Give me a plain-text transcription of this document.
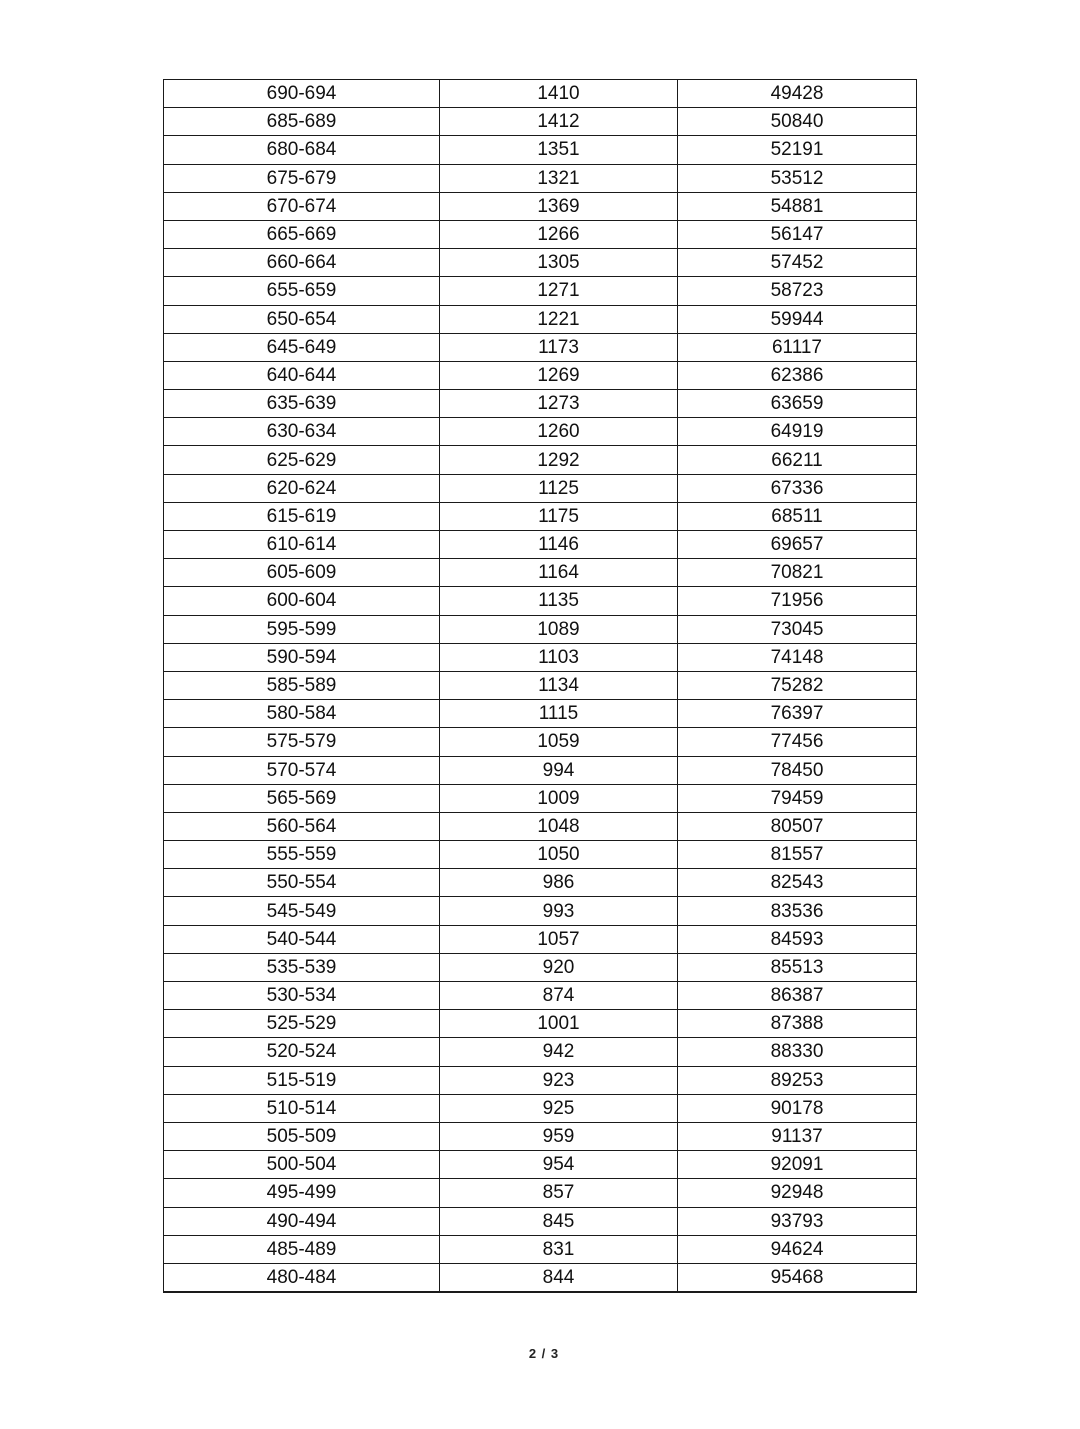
690-694	1410	49428
685-689	1412	50840
680-684	1351	52191
675-679	1321	53512
670-674	1369	54881
665-669	1266	56147
660-664	1305	57452
655-659	1271	58723
650-654	1221	59944
645-649	1173	61117
640-644	1269	62386
635-639	1273	63659
630-634	1260	64919
625-629	1292	66211
620-624	1125	67336
615-619	1175	68511
610-614	1146	69657
605-609	1164	70821
600-604	1135	71956
595-599	1089	73045
590-594	1103	74148
585-589	1134	75282
580-584	1115	76397
575-579	1059	77456
570-574	994	78450
565-569	1009	79459
560-564	1048	80507
555-559	1050	81557
550-554	986	82543
545-549	993	83536
540-544	1057	84593
535-539	920	85513
530-534	874	86387
525-529	1001	87388
520-524	942	88330
515-519	923	89253
510-514	925	90178
505-509	959	91137
500-504	954	92091
495-499	857	92948
490-494	845	93793
485-489	831	94624
480-484	844	95468
2 / 3
